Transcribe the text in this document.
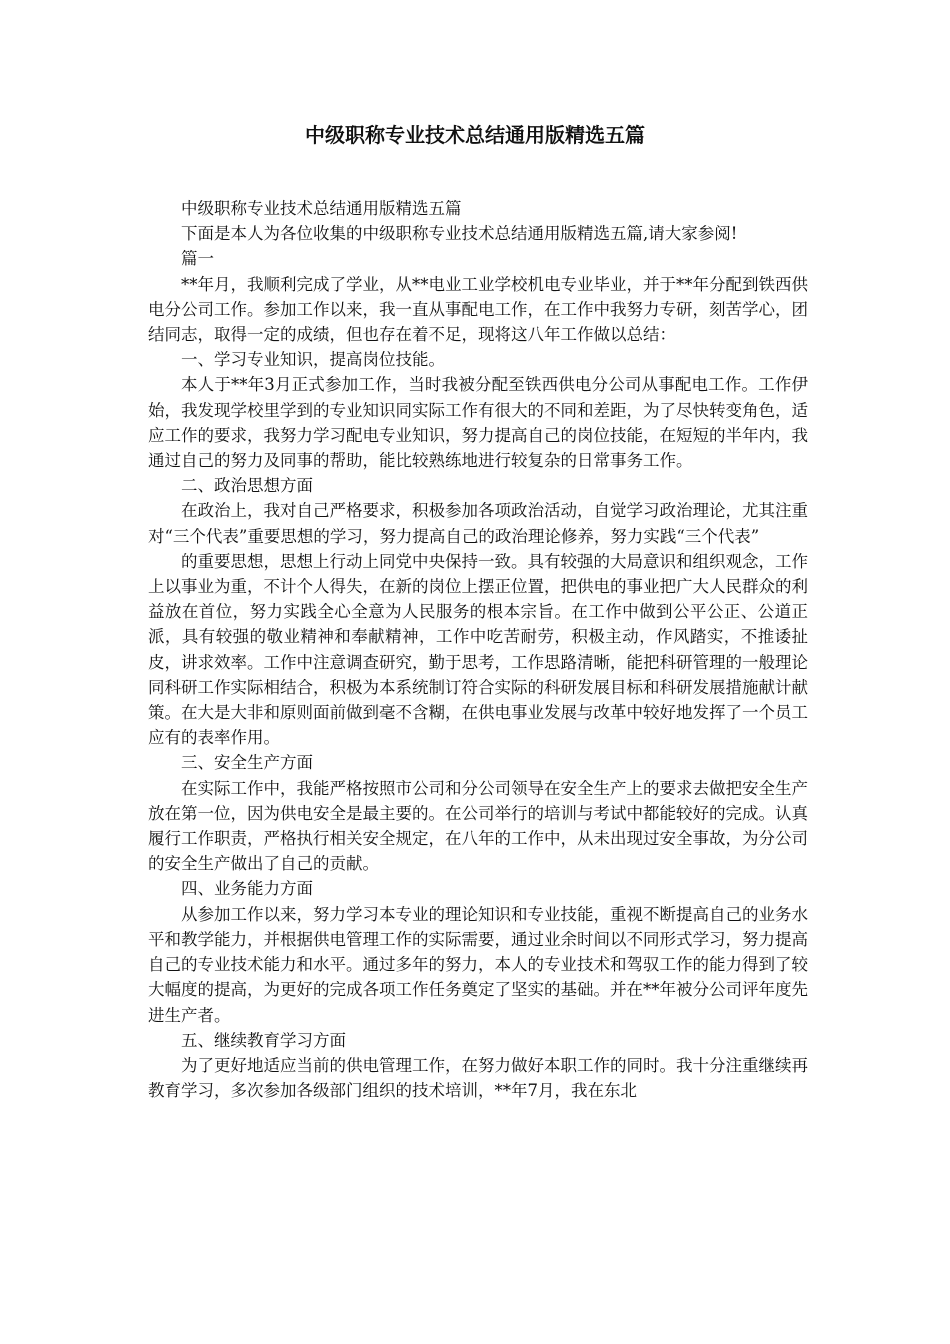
中级职称专业技术总结通用版精选五篇

中级职称专业技术总结通用版精选五篇

下面是本人为各位收集的中级职称专业技术总结通用版精选五篇,请大家参阅!

篇一

**年月，我顺利完成了学业，从**电业工业学校机电专业毕业，并于**年分配到铁西供电分公司工作。参加工作以来，我一直从事配电工作，在工作中我努力专研，刻苦学心，团结同志，取得一定的成绩，但也存在着不足，现将这八年工作做以总结：

一、学习专业知识，提高岗位技能。

本人于**年3月正式参加工作，当时我被分配至铁西供电分公司从事配电工作。工作伊始，我发现学校里学到的专业知识同实际工作有很大的不同和差距，为了尽快转变角色，适应工作的要求，我努力学习配电专业知识，努力提高自己的岗位技能，在短短的半年内，我通过自己的努力及同事的帮助，能比较熟练地进行较复杂的日常事务工作。

二、政治思想方面

在政治上，我对自己严格要求，积极参加各项政治活动，自觉学习政治理论，尤其注重对“三个代表”重要思想的学习，努力提高自己的政治理论修养，努力实践“三个代表”

的重要思想，思想上行动上同党中央保持一致。具有较强的大局意识和组织观念，工作上以事业为重，不计个人得失，在新的岗位上摆正位置，把供电的事业把广大人民群众的利益放在首位，努力实践全心全意为人民服务的根本宗旨。在工作中做到公平公正、公道正派，具有较强的敬业精神和奉献精神，工作中吃苦耐劳，积极主动，作风踏实，不推诿扯皮，讲求效率。工作中注意调查研究，勤于思考，工作思路清晰，能把科研管理的一般理论同科研工作实际相结合，积极为本系统制订符合实际的科研发展目标和科研发展措施献计献策。在大是大非和原则面前做到毫不含糊，在供电事业发展与改革中较好地发挥了一个员工应有的表率作用。

三、安全生产方面

在实际工作中，我能严格按照市公司和分公司领导在安全生产上的要求去做把安全生产放在第一位，因为供电安全是最主要的。在公司举行的培训与考试中都能较好的完成。认真履行工作职责，严格执行相关安全规定，在八年的工作中，从未出现过安全事故，为分公司的安全生产做出了自己的贡献。

四、业务能力方面

从参加工作以来，努力学习本专业的理论知识和专业技能，重视不断提高自己的业务水平和教学能力，并根据供电管理工作的实际需要，通过业余时间以不同形式学习，努力提高自己的专业技术能力和水平。通过多年的努力，本人的专业技术和驾驭工作的能力得到了较大幅度的提高，为更好的完成各项工作任务奠定了坚实的基础。并在**年被分公司评年度先进生产者。

五、继续教育学习方面

为了更好地适应当前的供电管理工作，在努力做好本职工作的同时。我十分注重继续再教育学习，多次参加各级部门组织的技术培训，**年7月，我在东北
